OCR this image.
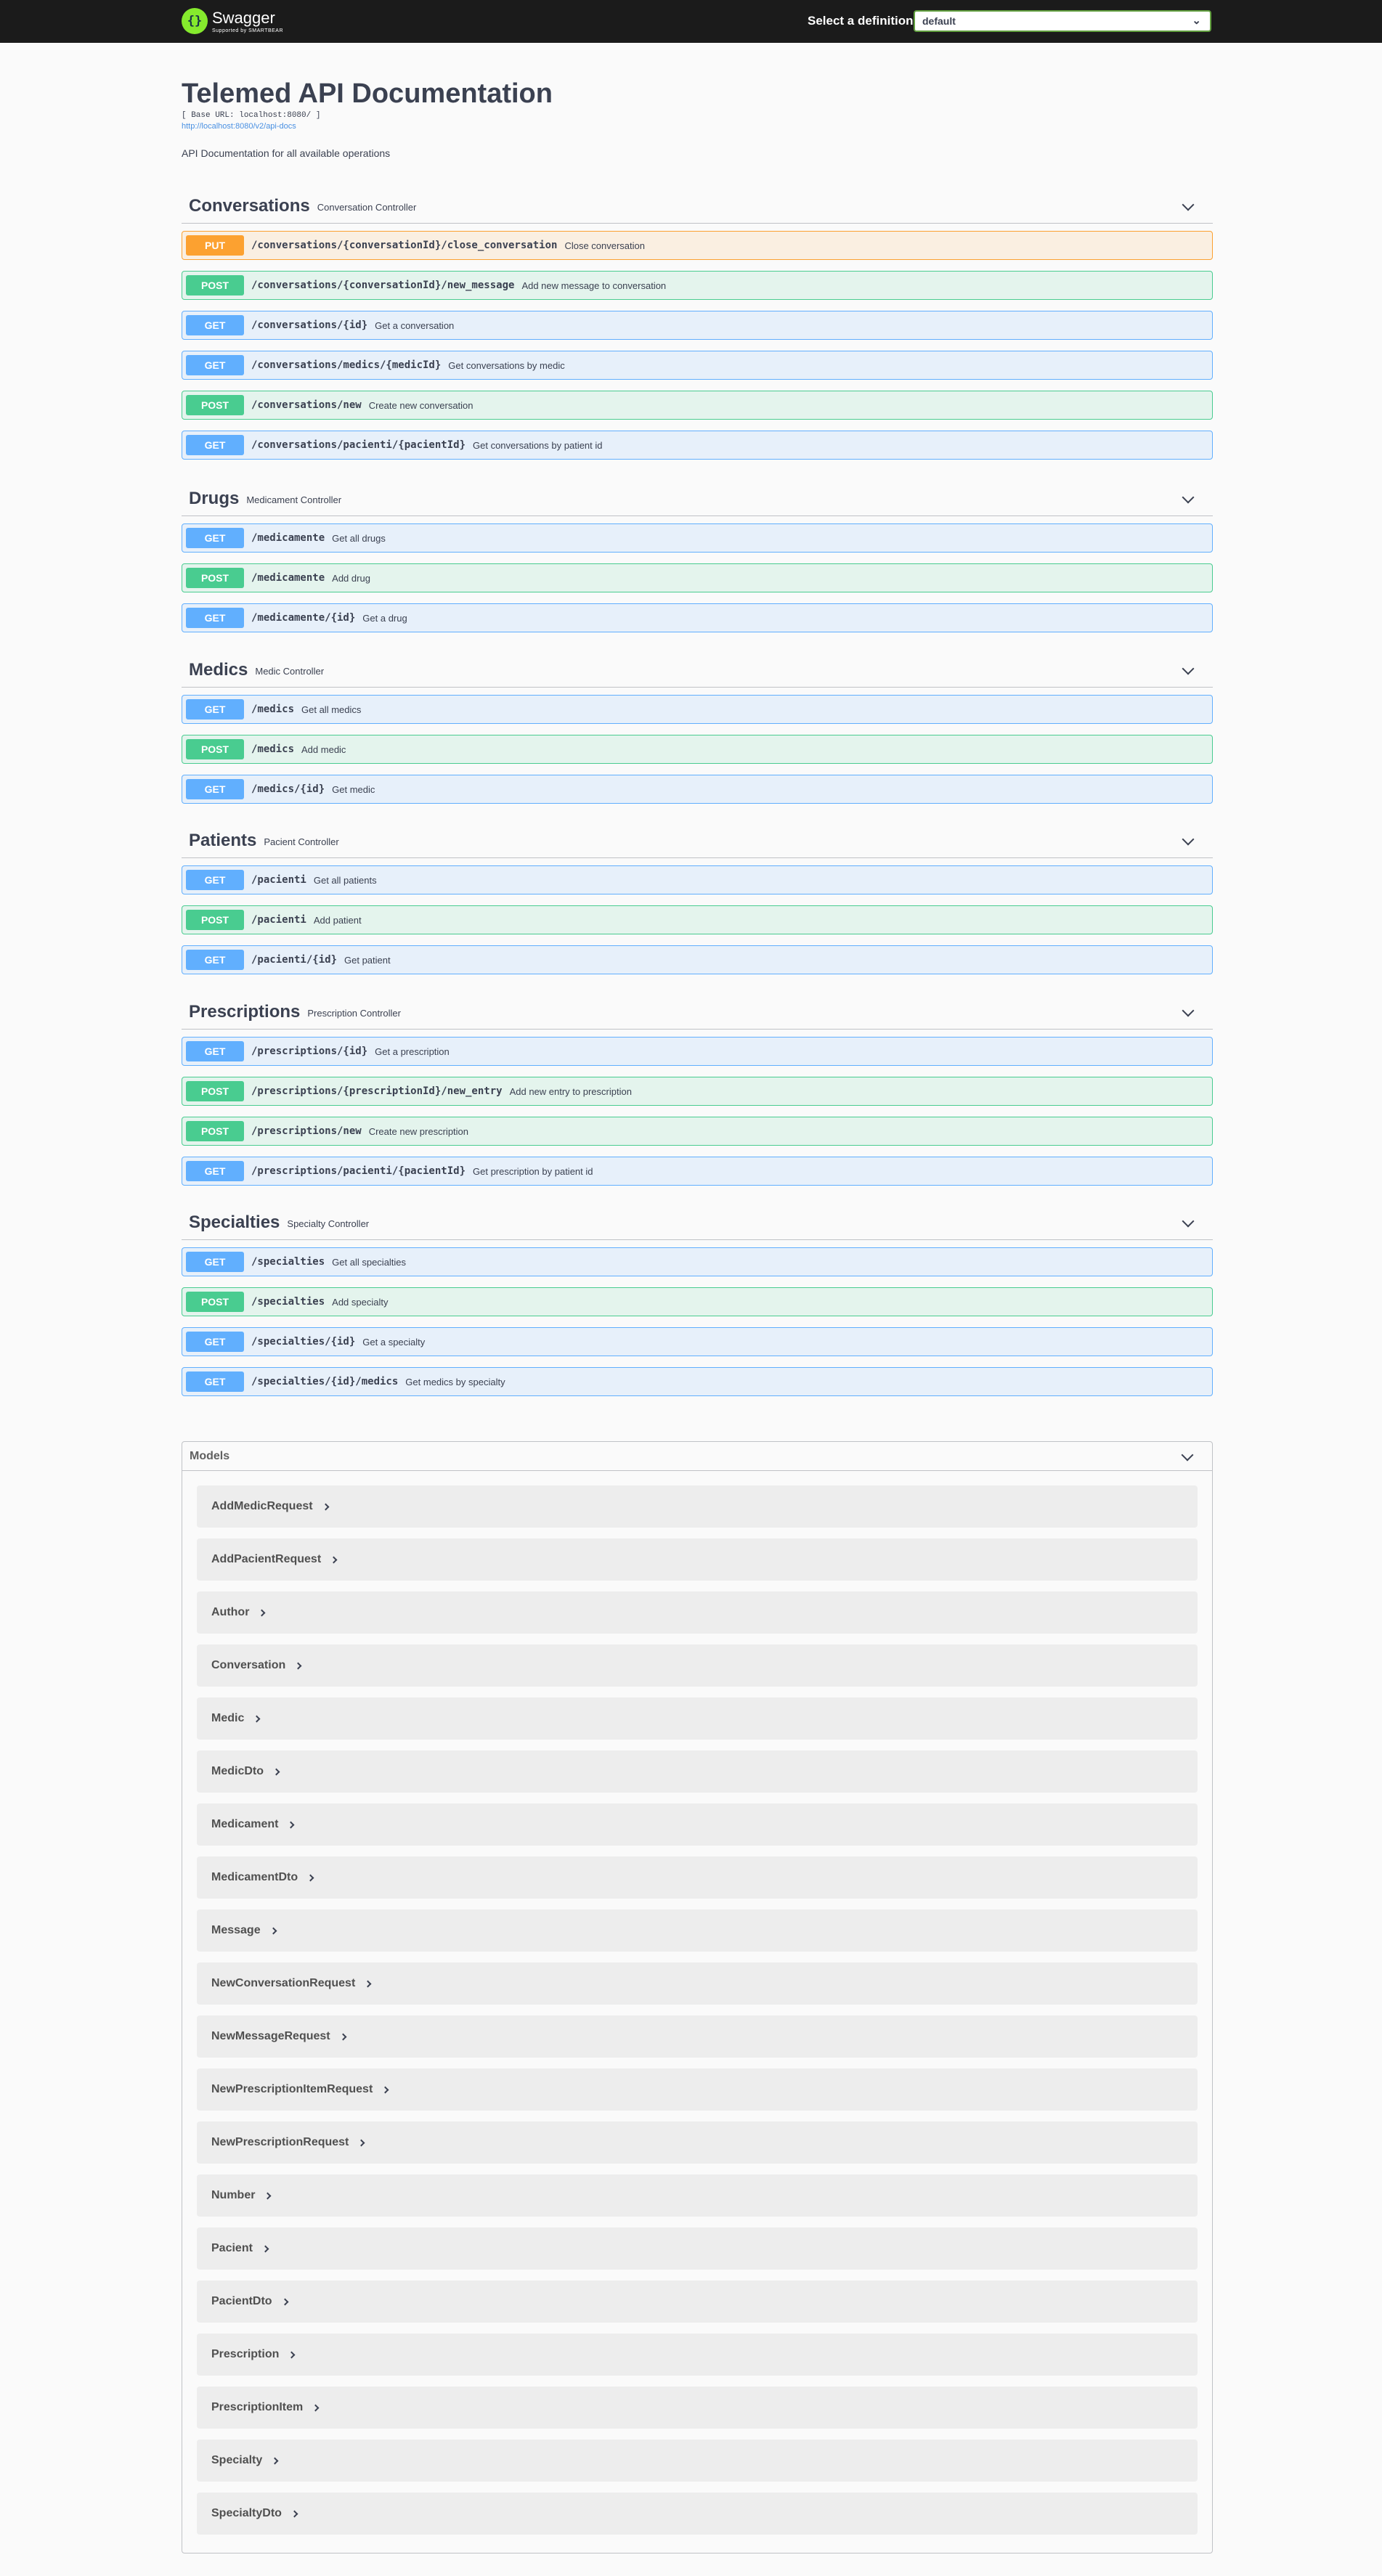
{} Swagger
Supported by SMARTBEAR
Select a definition default	⌄
Telemed API Documentation
[ Base URL: localhost:8080/ ]
http://localhost:8080/v2/api-docs
API Documentation for all available operations
Conversations Conversation Controller
PUT	/conversations/{conversationId}/close_conversation Close conversation
POST	/conversations/{conversationId}/new_message Add new message to conversation
GET	/conversations/{id} Get a conversation
GET	/conversations/medics/{medicId} Get conversations by medic
POST	/conversations/new Create new conversation
GET	/conversations/pacienti/{pacientId} Get conversations by patient id
Drugs Medicament Controller
GET	/medicamente Get all drugs
POST	/medicamente Add drug
GET	/medicamente/{id} Get a drug
Medics Medic Controller
GET	/medics Get all medics
POST	/medics Add medic
GET	/medics/{id} Get medic
Patients Pacient Controller
GET	/pacienti Get all patients
POST	/pacienti Add patient
GET	/pacienti/{id} Get patient
Prescriptions Prescription Controller
GET	/prescriptions/{id} Get a prescription
POST	/prescriptions/{prescriptionId}/new_entry Add new entry to prescription
POST	/prescriptions/new Create new prescription
GET	/prescriptions/pacienti/{pacientId} Get prescription by patient id
Specialties Specialty Controller
GET	/specialties Get all specialties
POST	/specialties Add specialty
GET	/specialties/{id} Get a specialty
GET	/specialties/{id}/medics Get medics by specialty
Models
AddMedicRequest
AddPacientRequest
Author
Conversation
Medic
MedicDto
Medicament
MedicamentDto
Message
NewConversationRequest
NewMessageRequest
NewPrescriptionItemRequest
NewPrescriptionRequest
Number
Pacient
PacientDto
Prescription
PrescriptionItem
Specialty
SpecialtyDto
